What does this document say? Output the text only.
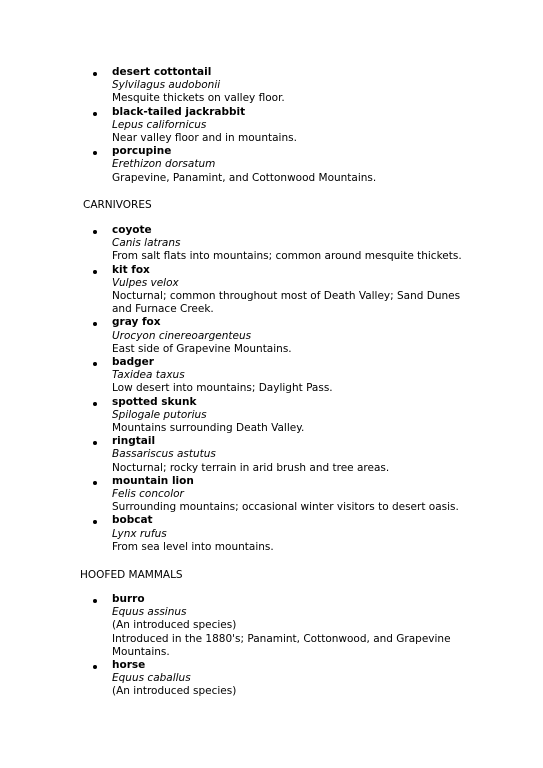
desert cottontail
Sylvilagus audobonii
Mesquite thickets on valley floor.
black-tailed jackrabbit
Lepus californicus
Near valley floor and in mountains.
porcupine
Erethizon dorsatum
Grapevine, Panamint, and Cottonwood Mountains.

CARNIVORES

coyote
Canis latrans
From salt flats into mountains; common around mesquite thickets.
kit fox
Vulpes velox
Nocturnal; common throughout most of Death Valley; Sand Dunes and Furnace Creek.
gray fox
Urocyon cinereoargenteus
East side of Grapevine Mountains.
badger
Taxidea taxus
Low desert into mountains; Daylight Pass.
spotted skunk
Spilogale putorius
Mountains surrounding Death Valley.
ringtail
Bassariscus astutus
Nocturnal; rocky terrain in arid brush and tree areas.
mountain lion
Felis concolor
Surrounding mountains; occasional winter visitors to desert oasis.
bobcat
Lynx rufus
From sea level into mountains.

HOOFED MAMMALS

burro
Equus assinus
(An introduced species)
Introduced in the 1880's; Panamint, Cottonwood, and Grapevine Mountains.
horse
Equus caballus
(An introduced species)
